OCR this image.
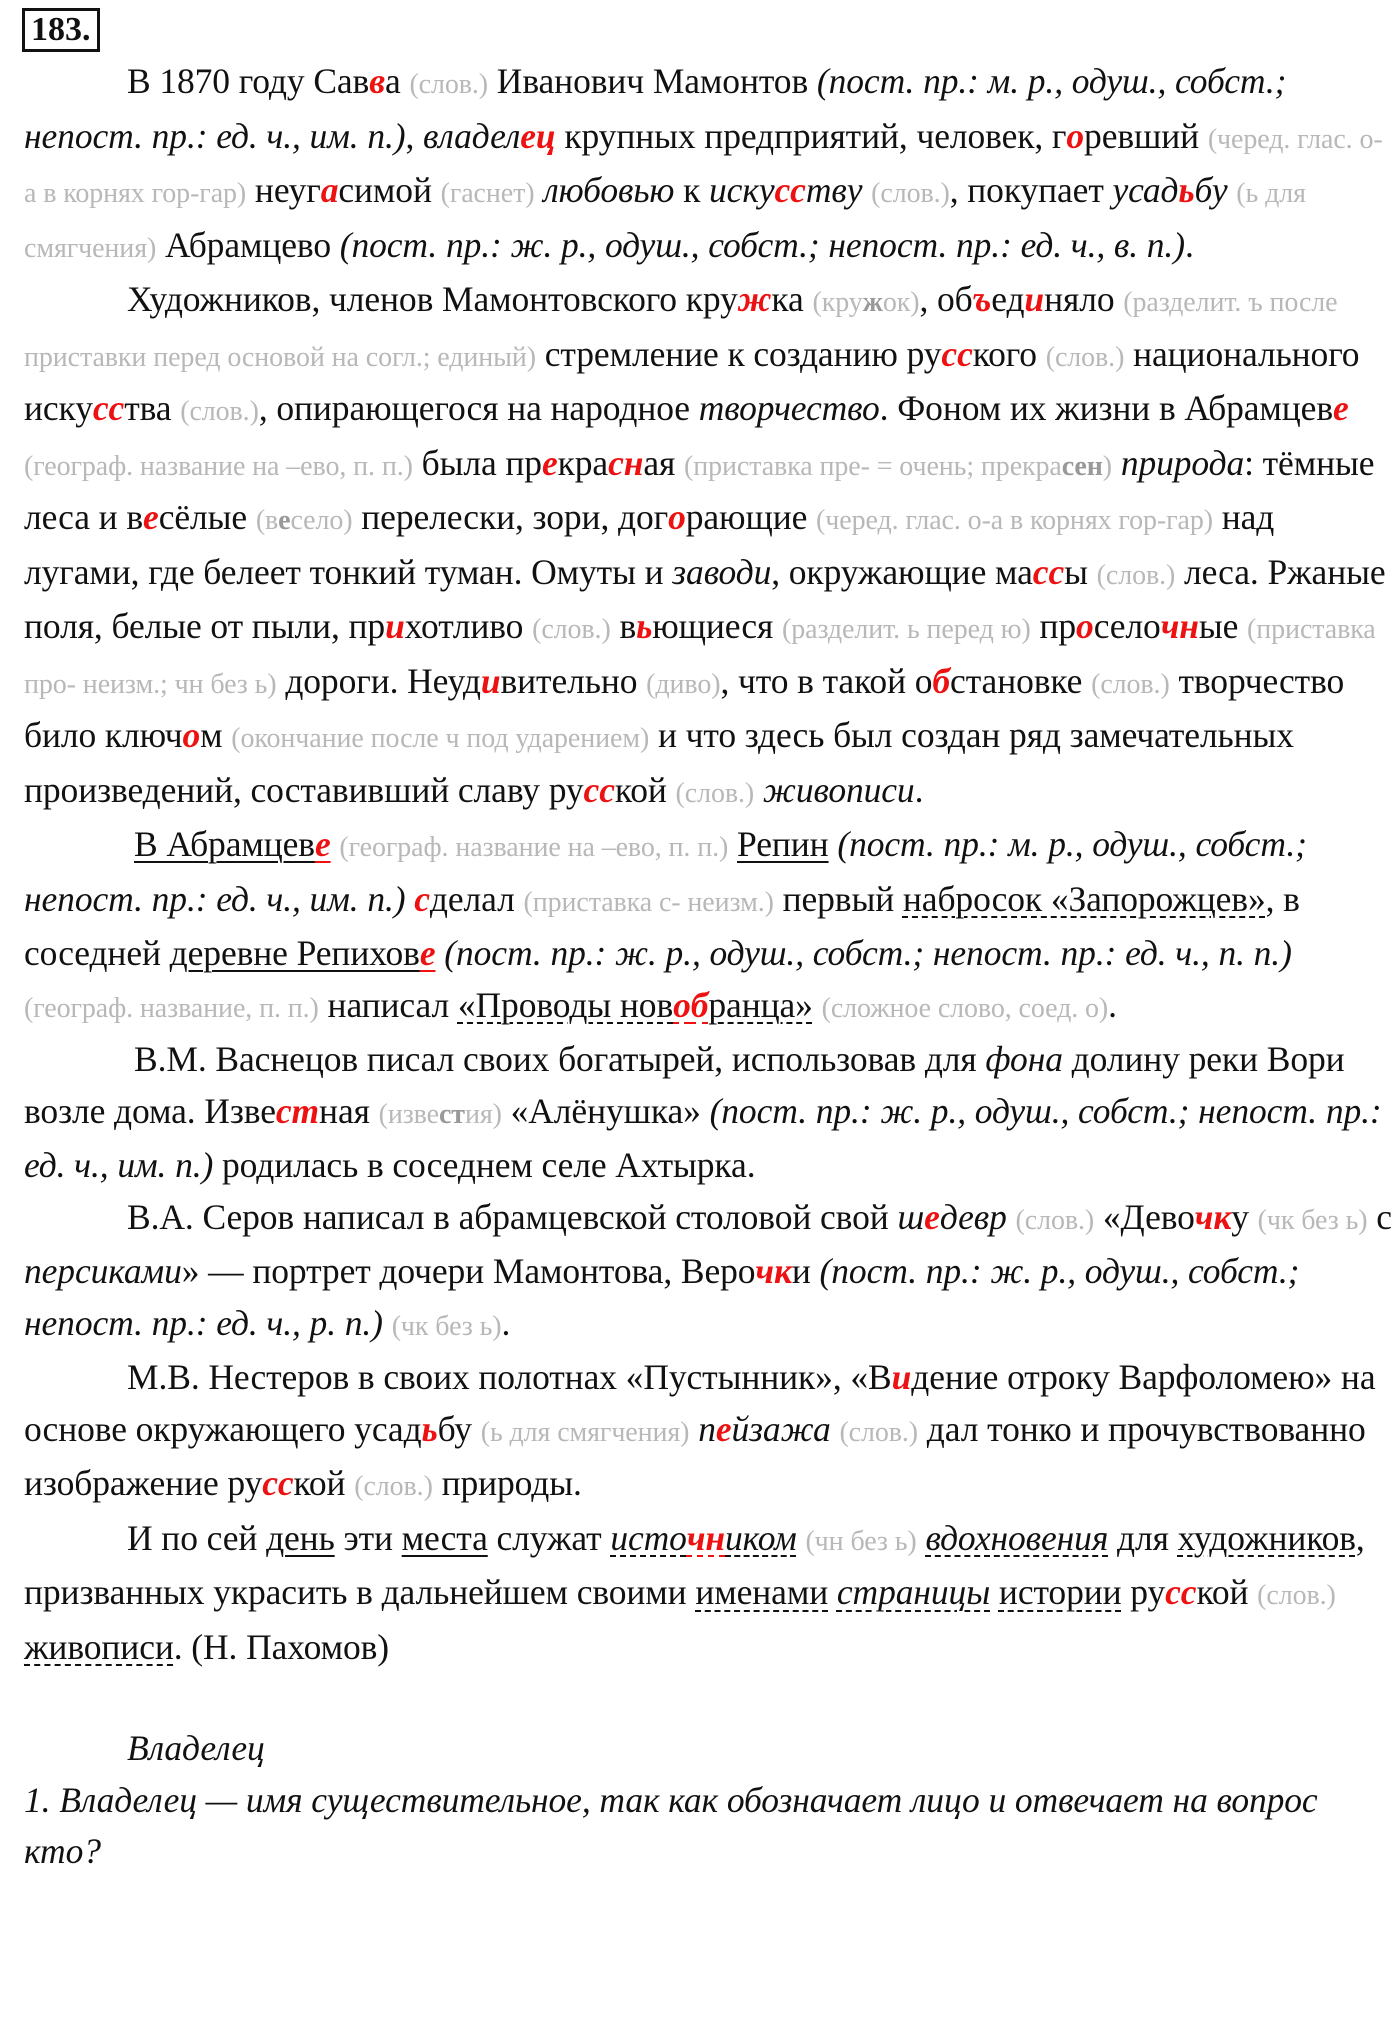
183.

В 1870 году Савва (слов.) Иванович Мамонтов (пост. пр.: м. р., одуш., собст.; непост. пр.: ед. ч., им. п.), владелец крупных предприятий, человек, горевший (черед. глас. о-а в корнях гор-гар) неугасимой (гаснет) любовью к искусству (слов.), покупает усадьбу (ь для смягчения) Абрамцево (пост. пр.: ж. р., одуш., собст.; непост. пр.: ед. ч., в. п.).

Художников, членов Мамонтовского кружка (кружок), объединяло (разделит. ъ после приставки перед основой на согл.; единый) стремление к созданию русского (слов.) национального искусства (слов.), опирающегося на народное творчество. Фоном их жизни в Абрамцеве (географ. название на –ево, п. п.) была прекрасная (приставка пре- = очень; прекрасен) природа: тёмные леса и весёлые (весело) перелески, зори, догорающие (черед. глас. о-а в корнях гор-гар) над лугами, где белеет тонкий туман. Омуты и заводи, окружающие массы (слов.) леса. Ржаные поля, белые от пыли, прихотливо (слов.) вьющиеся (разделит. ь перед ю) проселочные (приставка про- неизм.; чн без ь) дороги. Неудивительно (диво), что в такой обстановке (слов.) творчество било ключом (окончание после ч под ударением) и что здесь был создан ряд замечательных произведений, составивший славу русской (слов.) живописи.

В Абрамцеве (географ. название на –ево, п. п.) Репин (пост. пр.: м. р., одуш., собст.; непост. пр.: ед. ч., им. п.) сделал (приставка с- неизм.) первый набросок «Запорожцев», в соседней деревне Репихове (пост. пр.: ж. р., одуш., собст.; непост. пр.: ед. ч., п. п.) (географ. название, п. п.) написал «Проводы новобранца» (сложное слово, соед. о).

В.М. Васнецов писал своих богатырей, использовав для фона долину реки Вори возле дома. Известная (известия) «Алёнушка» (пост. пр.: ж. р., одуш., собст.; непост. пр.: ед. ч., им. п.) родилась в соседнем селе Ахтырка.

В.А. Серов написал в абрамцевской столовой свой шедевр (слов.) «Девочку (чк без ь) с персиками» — портрет дочери Мамонтова, Верочки (пост. пр.: ж. р., одуш., собст.; непост. пр.: ед. ч., р. п.) (чк без ь).

М.В. Нестеров в своих полотнах «Пустынник», «Видение отроку Варфоломею» на основе окружающего усадьбу (ь для смягчения) пейзажа (слов.) дал тонко и прочувствованно изображение русской (слов.) природы.

И по сей день эти места служат источником (чн без ь) вдохновения для художников, призванных украсить в дальнейшем своими именами страницы истории русской (слов.) живописи. (Н. Пахомов)

Владелец

1. Владелец — имя существительное, так как обозначает лицо и отвечает на вопрос кто?
